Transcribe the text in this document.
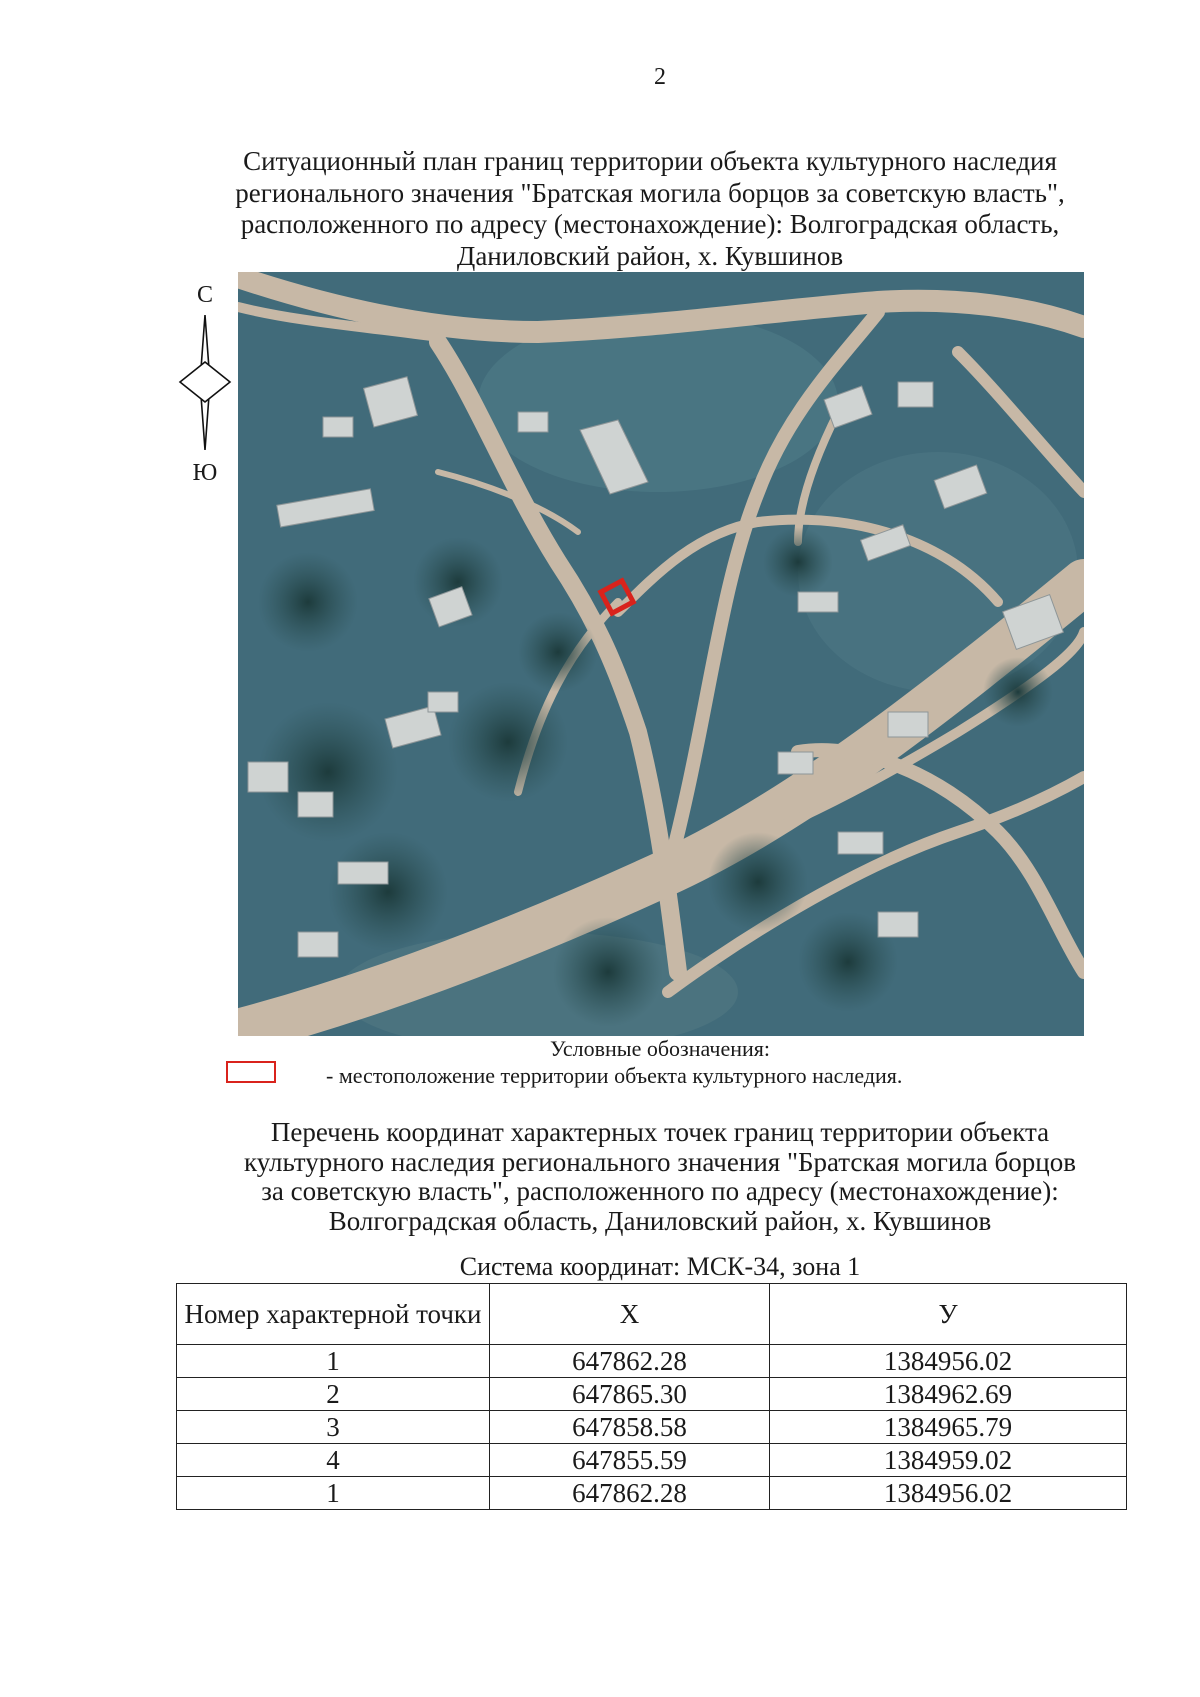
2
Ситуационный план границ территории объекта культурного наследия
регионального значения "Братская могила борцов за советскую власть",
расположенного по адресу (местонахождение): Волгоградская область,
Даниловский район, х. Кувшинов
С
Ю
Условные обозначения:
- местоположение территории объекта культурного наследия.
Перечень координат характерных точек границ территории объекта
культурного наследия регионального значения "Братская могила борцов
за советскую власть", расположенного по адресу (местонахождение):
Волгоградская область, Даниловский район, х. Кувшинов
Система координат: МСК-34, зона 1
Номер характерной точки	X	У
1	647862.28	1384956.02
2	647865.30	1384962.69
3	647858.58	1384965.79
4	647855.59	1384959.02
1	647862.28	1384956.02
